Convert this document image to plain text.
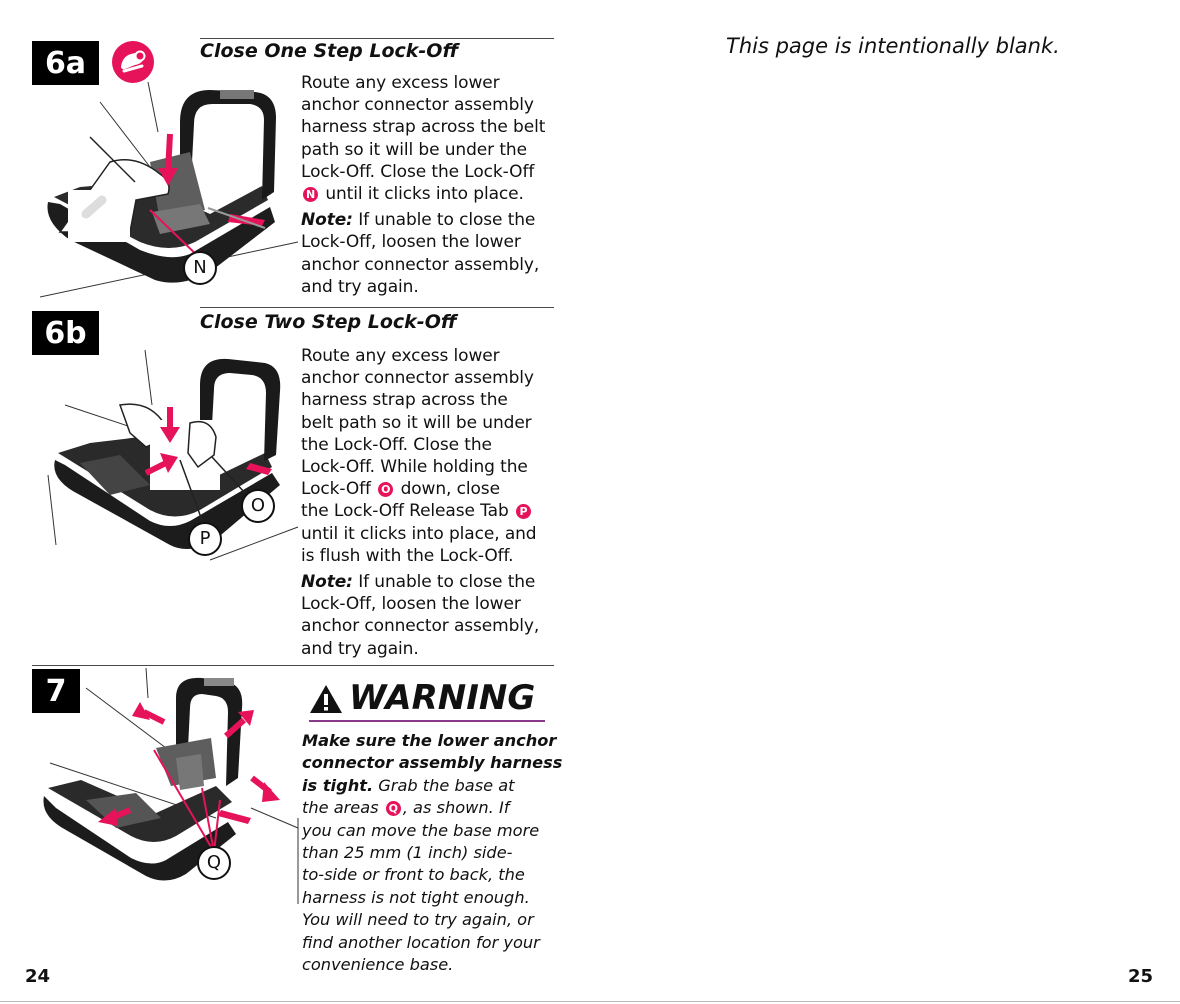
6a	Close One Step Lock-Off
N
Route any excess lower
anchor connector assembly
harness strap across the belt
path so it will be under the
Lock-Off. Close the Lock-Off
N until it clicks into place.
Note: If unable to close the
Lock-Off, loosen the lower
anchor connector assembly,
and try again.
6b	Close Two Step Lock-Off
O
P
Route any excess lower
anchor connector assembly
harness strap across the
belt path so it will be under
the Lock-Off. Close the
Lock-Off. While holding the
Lock-Off O down, close
the Lock-Off Release Tab P
until it clicks into place, and
is flush with the Lock-Off.
Note: If unable to close the
Lock-Off, loosen the lower
anchor connector assembly,
and try again.
7
Q
WARNING
Make sure the lower anchor
connector assembly harness
is tight. Grab the base at
the areas Q , as shown. If
you can move the base more
than 25 mm (1 inch) side-
to-side or front to back, the
harness is not tight enough.
You will need to try again, or
find another location for your
convenience base.
24	25
This page is intentionally blank.
